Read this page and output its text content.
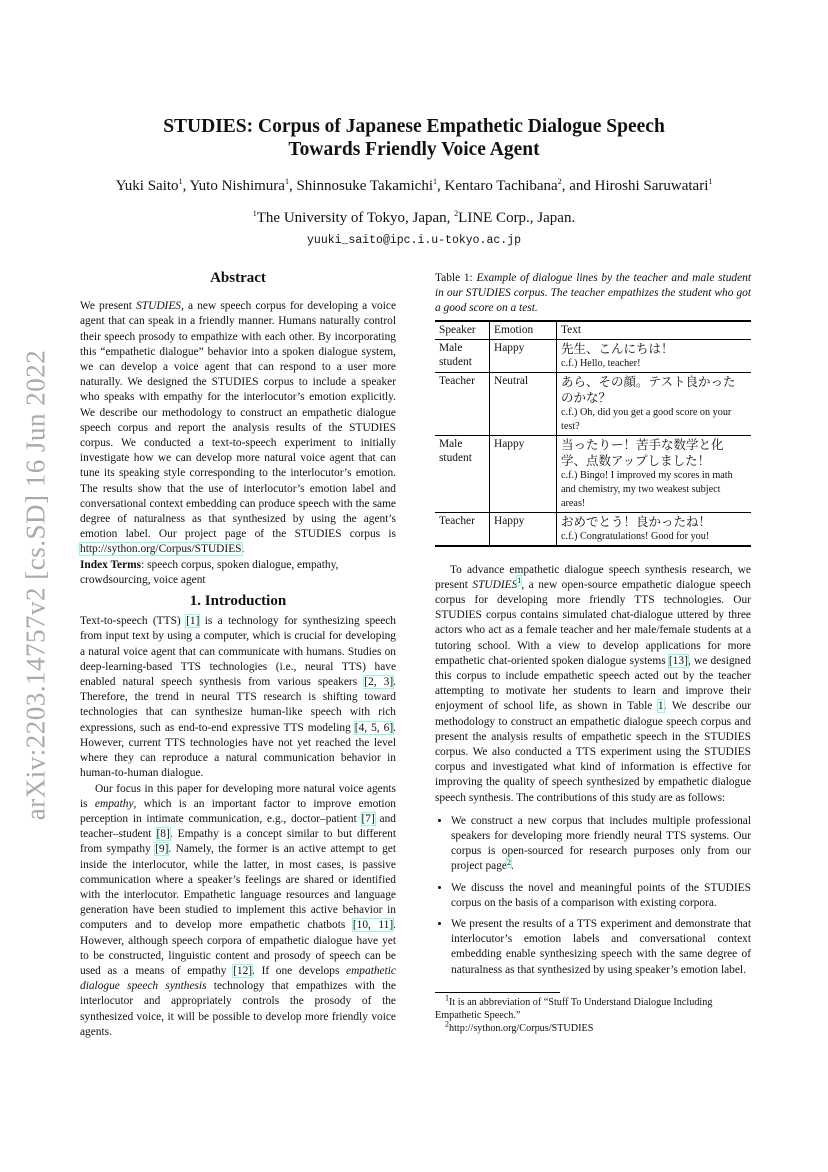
arXiv:2203.14757v2 [cs.SD] 16 Jun 2022
STUDIES: Corpus of Japanese Empathetic Dialogue Speech
Towards Friendly Voice Agent
Yuki Saito$^1$, Yuto Nishimura$^1$, Shinnosuke Takamichi$^1$, Kentaro Tachibana$^2$, and Hiroshi Saruwatari$^1$
$^1$The University of Tokyo, Japan, $^2$LINE Corp., Japan.
yuuki_saito@ipc.i.u-tokyo.ac.jp
Abstract

We present STUDIES, a new speech corpus for developing a voice agent that can speak in a friendly manner. Humans naturally control their speech prosody to empathize with each other. By incorporating this “empathetic dialogue” behavior into a spoken dialogue system, we can develop a voice agent that can respond to a user more naturally. We designed the STUDIES corpus to include a speaker who speaks with empathy for the interlocutor’s emotion explicitly. We describe our methodology to construct an empathetic dialogue speech corpus and report the analysis results of the STUDIES corpus. We conducted a text-to-speech experiment to initially investigate how we can develop more natural voice agent that can tune its speaking style corresponding to the interlocutor’s emotion. The results show that the use of interlocutor’s emotion label and conversational context embedding can produce speech with the same degree of naturalness as that synthesized by using the agent’s emotion label. Our project page of the STUDIES corpus is http://sython.org/Corpus/STUDIES.

Index Terms: speech corpus, spoken dialogue, empathy, crowdsourcing, voice agent

1. Introduction

Text-to-speech (TTS) [1] is a technology for synthesizing speech from input text by using a computer, which is crucial for developing a natural voice agent that can communicate with humans. Studies on deep-learning-based TTS technologies (i.e., neural TTS) have enabled natural speech synthesis from various speakers [2, 3]. Therefore, the trend in neural TTS research is shifting toward technologies that can synthesize human-like speech with rich expressions, such as end-to-end expressive TTS modeling [4, 5, 6]. However, current TTS technologies have not yet reached the level where they can reproduce a natural communication behavior in human-to-human dialogue.

Our focus in this paper for developing more natural voice agents is empathy, which is an important factor to improve emotion perception in intimate communication, e.g., doctor–patient [7] and teacher–student [8]. Empathy is a concept similar to but different from sympathy [9]. Namely, the former is an active attempt to get inside the interlocutor, while the latter, in most cases, is passive communication where a speaker’s feelings are shared or identified with the interlocutor. Empathetic language resources and language generation have been studied to implement this active behavior in computers and to develop more empathetic chatbots [10, 11]. However, although speech corpora of empathetic dialogue have yet to be constructed, linguistic content and prosody of speech can be used as a means of empathy [12]. If one develops empathetic dialogue speech synthesis technology that empathizes with the interlocutor and appropriately controls the prosody of the synthesized voice, it will be possible to develop more friendly voice agents.

Table 1: Example of dialogue lines by the teacher and male student in our STUDIES corpus. The teacher empathizes the student who got a good score on a test.
Speaker	Emotion	Text
Male student	Happy	先生、こんにちは！
c.f.) Hello, teacher!

Teacher	Neutral	あら、その顔。テスト良かったのかな？
c.f.) Oh, did you get a good score on your test?

Male student	Happy	当ったりー！苦手な数学と化学、点数アップしました！
c.f.) Bingo! I improved my scores in math and chemistry, my two weakest subject areas!

Teacher	Happy	おめでとう！良かったね！
c.f.) Congratulations! Good for you!

To advance empathetic dialogue speech synthesis research, we present STUDIES$^1$, a new open-source empathetic dialogue speech corpus for developing more friendly TTS technologies. Our STUDIES corpus contains simulated chat-dialogue uttered by three actors who act as a female teacher and her male/female students at a tutoring school. With a view to develop applications for more empathetic chat-oriented spoken dialogue systems [13], we designed this corpus to include empathetic speech acted out by the teacher attempting to motivate her students to learn and improve their enjoyment of school life, as shown in Table 1. We describe our methodology to construct an empathetic dialogue speech corpus and present the analysis results of empathetic speech in the STUDIES corpus. We also conducted a TTS experiment using the STUDIES corpus and investigated what kind of information is effective for improving the quality of speech synthesized by empathetic dialogue speech synthesis. The contributions of this study are as follows:

• We construct a new corpus that includes multiple professional speakers for developing more friendly neural TTS systems. Our corpus is open-sourced for research purposes only from our project page$^2$.
• We discuss the novel and meaningful points of the STUDIES corpus on the basis of a comparison with existing corpora.
• We present the results of a TTS experiment and demonstrate that interlocutor’s emotion labels and conversational context embedding enable synthesizing speech with the same degree of naturalness as that synthesized by using speaker’s emotion label.
$^1$It is an abbreviation of “Stuff To Understand Dialogue Including Empathetic Speech.”
$^2$http://sython.org/Corpus/STUDIES
